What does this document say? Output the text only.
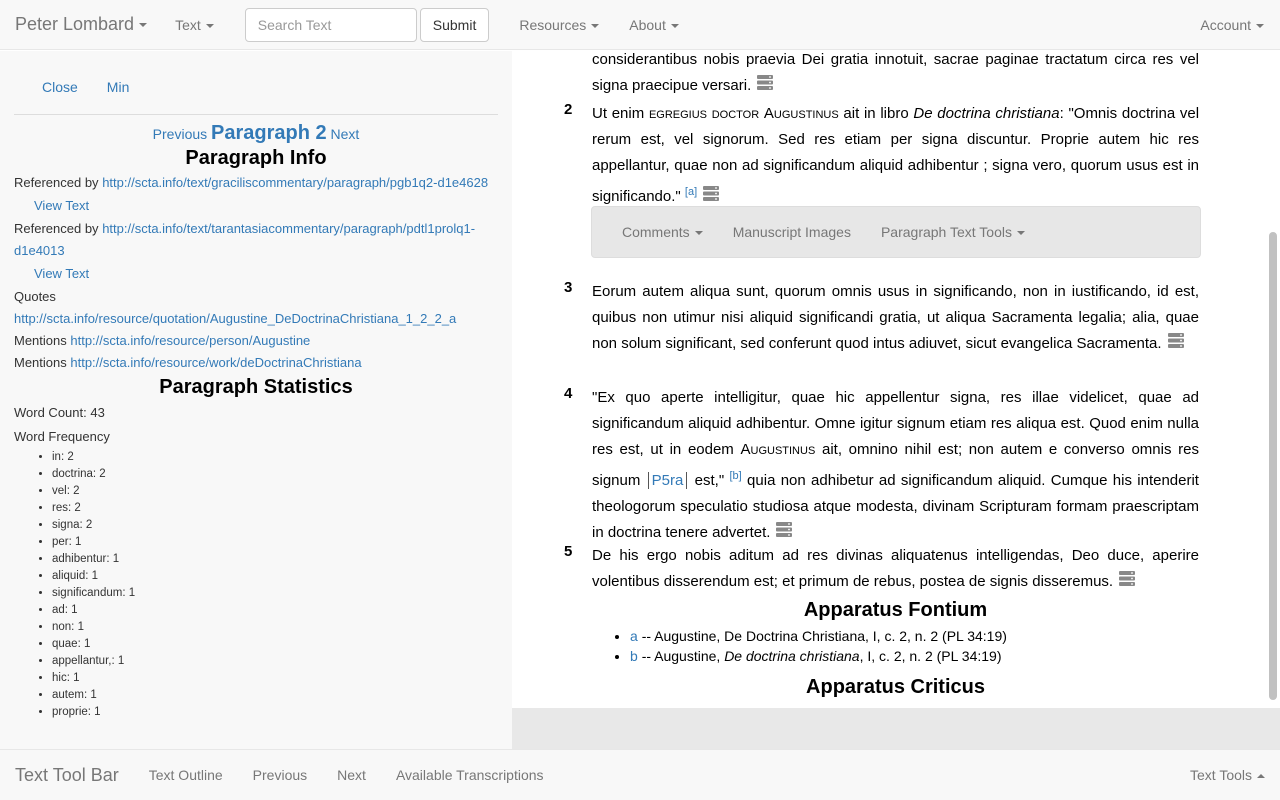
Peter Lombard	Text
Search Text	Submit	Resources	About	Account
Close Min
Previous Paragraph 2 Next
Paragraph Info
Referenced by http://scta.info/text/graciliscommentary/paragraph/pgb1q2-d1e4628
View Text
Referenced by http://scta.info/text/tarantasiacommentary/paragraph/pdtl1prolq1-d1e4013
View Text
Quotes
http://scta.info/resource/quotation/Augustine_DeDoctrinaChristiana_1_2_2_a
Mentions http://scta.info/resource/person/Augustine
Mentions http://scta.info/resource/work/deDoctrinaChristiana
Paragraph Statistics
Word Count: 43
Word Frequency
• in: 2
• doctrina: 2
• vel: 2
• res: 2
• signa: 2
• per: 1
• adhibentur: 1
• aliquid: 1
• significandum: 1
• ad: 1
• non: 1
• quae: 1
• appellantur,: 1
• hic: 1
• autem: 1
• proprie: 1
considerantibus nobis praevia Dei gratia innotuit, sacrae paginae tractatum circa res vel signa praecipue versari.
2 Ut enim egregius doctor Augustinus ait in libro De doctrina christiana: "Omnis doctrina vel rerum est, vel signorum. Sed res etiam per signa discuntur. Proprie autem hic res appellantur, quae non ad significandum aliquid adhibentur ; signa vero, quorum usus est in significando." [a]
Comments	Manuscript Images Paragraph Text Tools
3 Eorum autem aliqua sunt, quorum omnis usus in significando, non in iustificando, id est, quibus non utimur nisi aliquid significandi gratia, ut aliqua Sacramenta legalia; alia, quae non solum significant, sed conferunt quod intus adiuvet, sicut evangelica Sacramenta.
4 "Ex quo aperte intelligitur, quae hic appellentur signa, res illae videlicet, quae ad significandum aliquid adhibentur. Omne igitur signum etiam res aliqua est. Quod enim nulla res est, ut in eodem Augustinus ait, omnino nihil est; non autem e converso omnis res signum P5ra est," [b] quia non adhibetur ad significandum aliquid. Cumque his intenderit theologorum speculatio studiosa atque modesta, divinam Scripturam formam praescriptam in doctrina tenere advertet.
5 De his ergo nobis aditum ad res divinas aliquatenus intelligendas, Deo duce, aperire volentibus disserendum est; et primum de rebus, postea de signis disseremus.
Apparatus Fontium
• a -- Augustine, De Doctrina Christiana, I, c. 2, n. 2 (PL 34:19)
• b -- Augustine, De doctrina christiana, I, c. 2, n. 2 (PL 34:19)
Apparatus Criticus
Text Tool Bar Text Outline Previous Next Available Transcriptions	Text Tools
